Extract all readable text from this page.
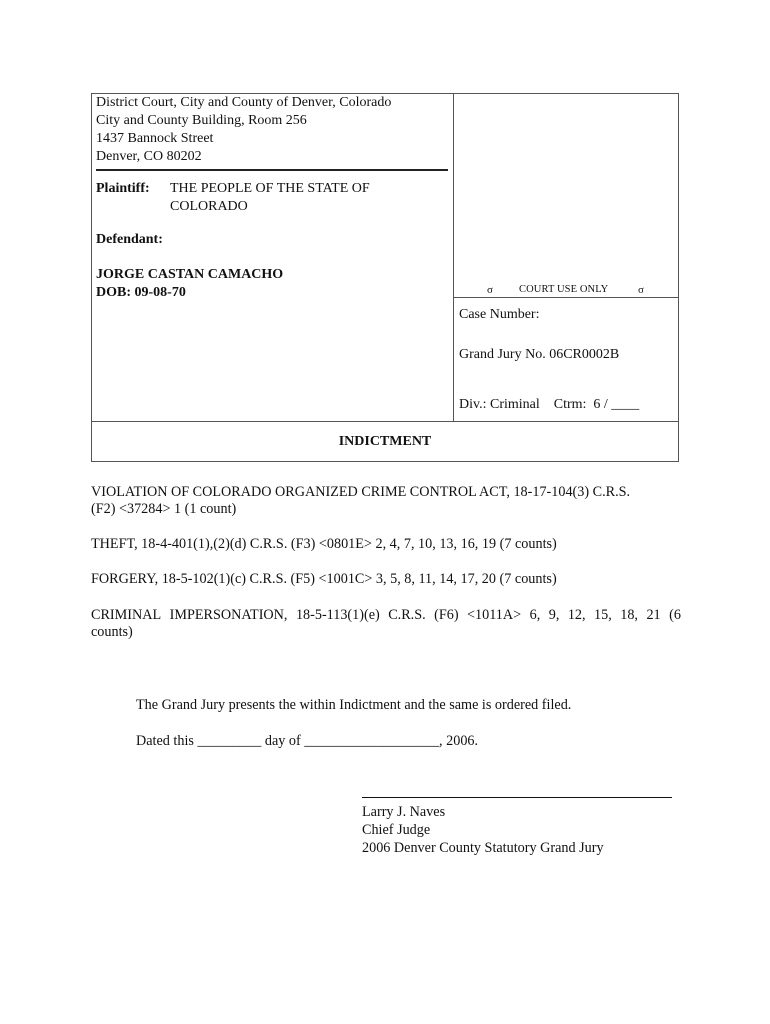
District Court, City and County of Denver, Colorado
City and County Building, Room 256
1437 Bannock Street
Denver, CO 80202
Plaintiff: THE PEOPLE OF THE STATE OF
COLORADO
Defendant:
JORGE CASTAN CAMACHO
DOB: 09-08-70	σ COURT USE ONLY	σ
Case Number:
Grand Jury No. 06CR0002B
Div.: Criminal    Ctrm:  6 / ____
INDICTMENT
VIOLATION OF COLORADO ORGANIZED CRIME CONTROL ACT, 18-17-104(3) C.R.S.
(F2) <37284> 1 (1 count)
THEFT, 18-4-401(1),(2)(d) C.R.S. (F3) <0801E> 2, 4, 7, 10, 13, 16, 19 (7 counts)
FORGERY, 18-5-102(1)(c) C.R.S. (F5) <1001C> 3, 5, 8, 11, 14, 17, 20 (7 counts)
CRIMINAL IMPERSONATION, 18-5-113(1)(e) C.R.S. (F6) <1011A> 6, 9, 12, 15, 18, 21 (6
counts)
The Grand Jury presents the within Indictment and the same is ordered filed.
Dated this _________ day of ___________________, 2006.
Larry J. Naves
Chief Judge
2006 Denver County Statutory Grand Jury
